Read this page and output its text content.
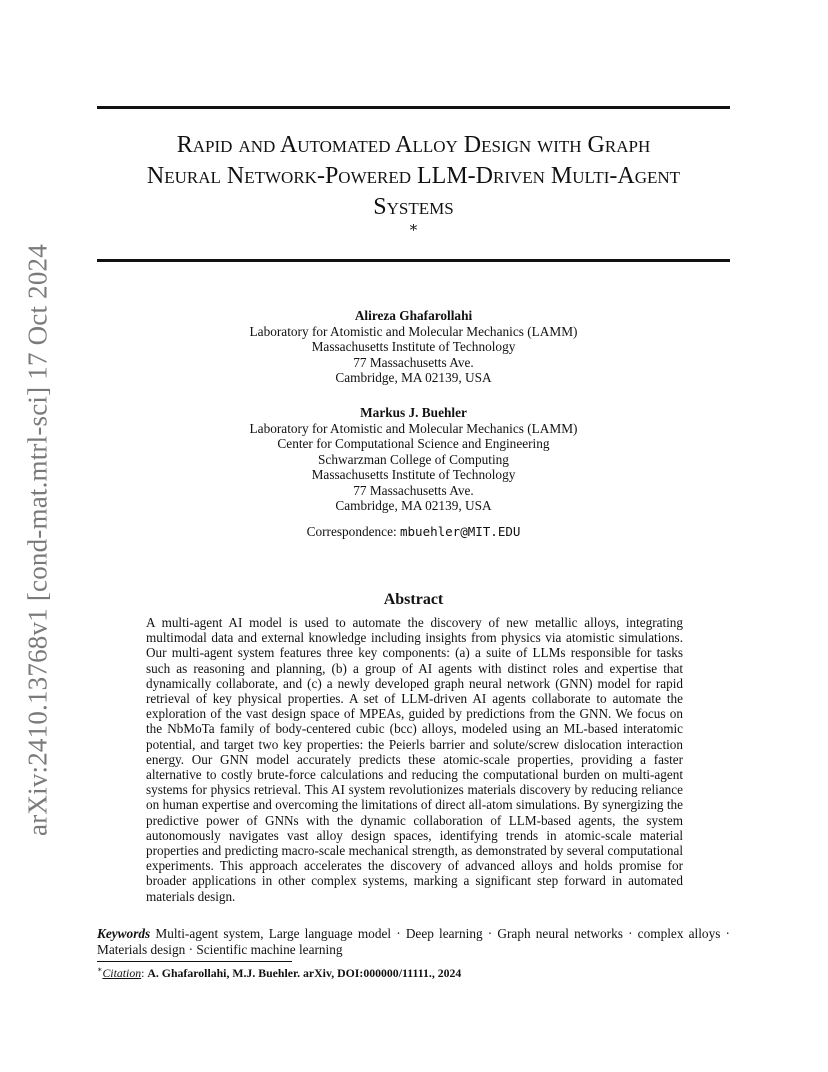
arXiv:2410.13768v1 [cond-mat.mtrl-sci] 17 Oct 2024
Rapid and Automated Alloy Design with Graph
Neural Network-Powered LLM-Driven Multi-Agent
Systems
∗
Alireza Ghafarollahi
Laboratory for Atomistic and Molecular Mechanics (LAMM)
Massachusetts Institute of Technology
77 Massachusetts Ave.
Cambridge, MA 02139, USA
Markus J. Buehler
Laboratory for Atomistic and Molecular Mechanics (LAMM)
Center for Computational Science and Engineering
Schwarzman College of Computing
Massachusetts Institute of Technology
77 Massachusetts Ave.
Cambridge, MA 02139, USA
Correspondence: mbuehler@MIT.EDU
Abstract

A multi-agent AI model is used to automate the discovery of new metallic alloys, integrating multimodal data and external knowledge including insights from physics via atomistic simulations. Our multi-agent system features three key components: (a) a suite of LLMs responsible for tasks such as reasoning and planning, (b) a group of AI agents with distinct roles and expertise that dynamically collaborate, and (c) a newly developed graph neural network (GNN) model for rapid retrieval of key physical properties. A set of LLM-driven AI agents collaborate to automate the exploration of the vast design space of MPEAs, guided by predictions from the GNN. We focus on the NbMoTa family of body-centered cubic (bcc) alloys, modeled using an ML-based interatomic potential, and target two key properties: the Peierls barrier and solute/screw dislocation interaction energy. Our GNN model accurately predicts these atomic-scale properties, providing a faster alternative to costly brute-force calculations and reducing the computational burden on multi-agent systems for physics retrieval. This AI system revolutionizes materials discovery by reducing reliance on human expertise and overcoming the limitations of direct all-atom simulations. By synergizing the predictive power of GNNs with the dynamic collaboration of LLM-based agents, the system autonomously navigates vast alloy design spaces, identifying trends in atomic-scale material properties and predicting macro-scale mechanical strength, as demonstrated by several computational experiments. This approach accelerates the discovery of advanced alloys and holds promise for broader applications in other complex systems, marking a significant step forward in automated materials design.

Keywords Multi-agent system, Large language model · Deep learning · Graph neural networks · complex alloys · Materials design · Scientific machine learning

∗Citation: A. Ghafarollahi, M.J. Buehler. arXiv, DOI:000000/11111., 2024
